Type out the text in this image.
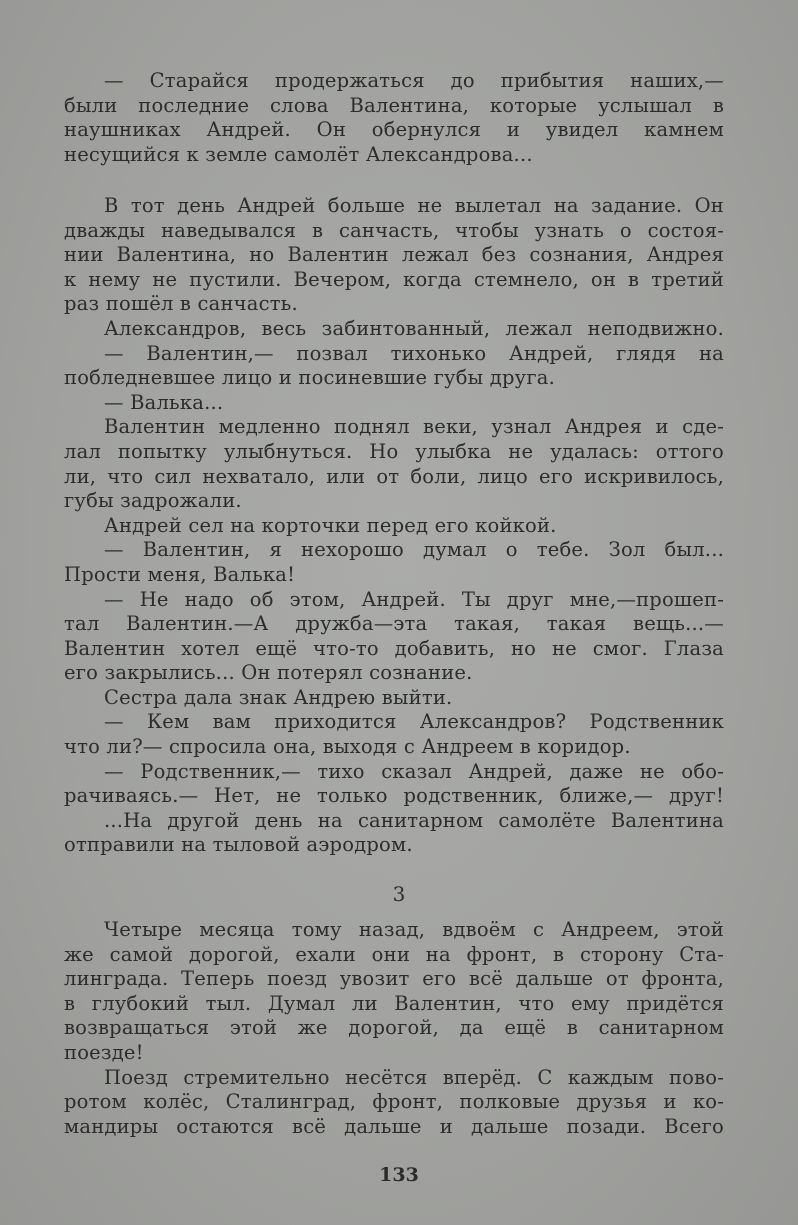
— Старайся продержаться до прибытия наших,—
были последние слова Валентина, которые услышал в
наушниках Андрей. Он обернулся и увидел камнем
несущийся к земле самолёт Александрова...
В тот день Андрей больше не вылетал на задание. Он
дважды наведывался в санчасть, чтобы узнать о состоя-
нии Валентина, но Валентин лежал без сознания, Андрея
к нему не пустили. Вечером, когда стемнело, он в третий
раз пошёл в санчасть.
Александров, весь забинтованный, лежал неподвижно.
— Валентин,— позвал тихонько Андрей, глядя на
побледневшее лицо и посиневшие губы друга.
— Валька...
Валентин медленно поднял веки, узнал Андрея и сде-
лал попытку улыбнуться. Но улыбка не удалась: оттого
ли, что сил нехватало, или от боли, лицо его искривилось,
губы задрожали.
Андрей сел на корточки перед его койкой.
— Валентин, я нехорошо думал о тебе. Зол был...
Прости меня, Валька!
— Не надо об этом, Андрей. Ты друг мне,—прошеп-
тал Валентин.—А дружба—эта такая, такая вещь...—
Валентин хотел ещё что-то добавить, но не смог. Глаза
его закрылись... Он потерял сознание.
Сестра дала знак Андрею выйти.
— Кем вам приходится Александров? Родственник
что ли?— спросила она, выходя с Андреем в коридор.
— Родственник,— тихо сказал Андрей, даже не обо-
рачиваясь.— Нет, не только родственник, ближе,— друг!
...На другой день на санитарном самолёте Валентина
отправили на тыловой аэродром.
3
Четыре месяца тому назад, вдвоём с Андреем, этой
же самой дорогой, ехали они на фронт, в сторону Ста-
линграда. Теперь поезд увозит его всё дальше от фронта,
в глубокий тыл. Думал ли Валентин, что ему придётся
возвращаться этой же дорогой, да ещё в санитарном
поезде!
Поезд стремительно несётся вперёд. С каждым пово-
ротом колёс, Сталинград, фронт, полковые друзья и ко-
мандиры остаются всё дальше и дальше позади. Всего
133
